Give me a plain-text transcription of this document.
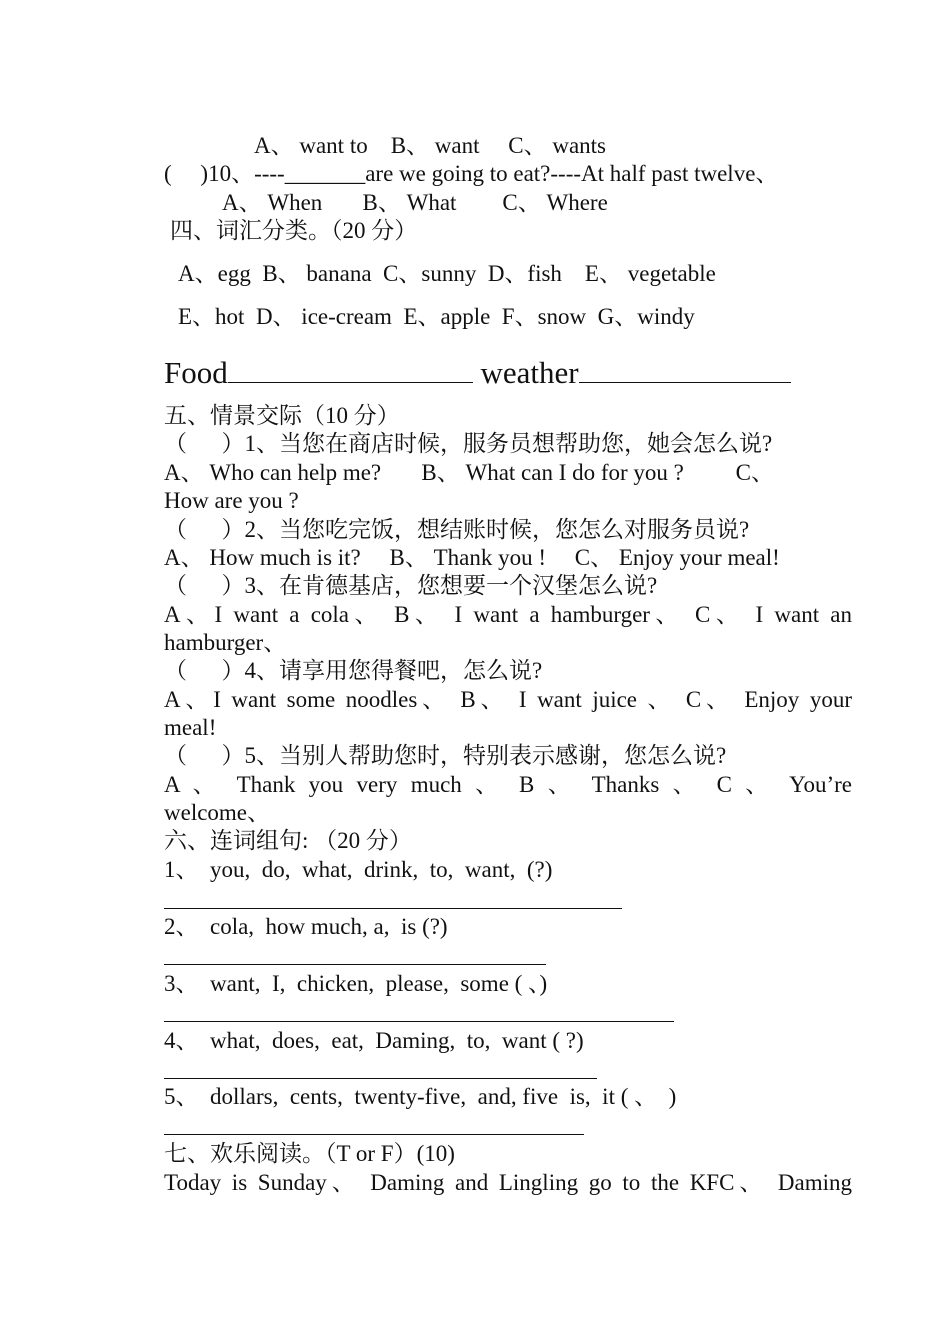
A、 want to    B、 want     C、 wants
(     )10、----_______are we going to eat?----At half past twelve、
A、 When       B、 What        C、 Where
四、词汇分类。（20 分）
A、egg  B、 banana  C、sunny  D、fish    E、 vegetable
E、hot  D、 ice-cream  E、apple  F、snow  G、windy
Food	weather
五、情景交际（10 分）
（      ）1、当您在商店时候，服务员想帮助您，她会怎么说?
A、 Who can help me?       B、 What can I do for you ?         C、
How are you ?
（      ）2、当您吃完饭，想结账时候，您怎么对服务员说?
A、 How much is it?     B、 Thank you !     C、 Enjoy your meal!
（      ）3、在肯德基店，您想要一个汉堡怎么说?
A、I want a cola、 B、 I want a hamburger、 C、 I want an
hamburger、
（      ）4、请享用您得餐吧，怎么说?
A、I want some noodles、 B、 I want juice 、 C、 Enjoy your
meal!
（      ）5、当别人帮助您时，特别表示感谢，您怎么说?
A 、 Thank you very much 、 B 、 Thanks 、 C 、 You’re
welcome、
六、连词组句: （20 分）
1、  you,  do,  what,  drink,  to,  want,  (?)
2、  cola,  how much, a,  is (?)
3、  want,  I,  chicken,  please,  some ( 、)
4、  what,  does,  eat,  Daming,  to,  want ( ?)
5、  dollars,  cents,  twenty-five,  and, five  is,  it ( 、  )
七、欢乐阅读。（T or F）(10)
Today is Sunday、 Daming and Lingling go to the KFC、 Daming
